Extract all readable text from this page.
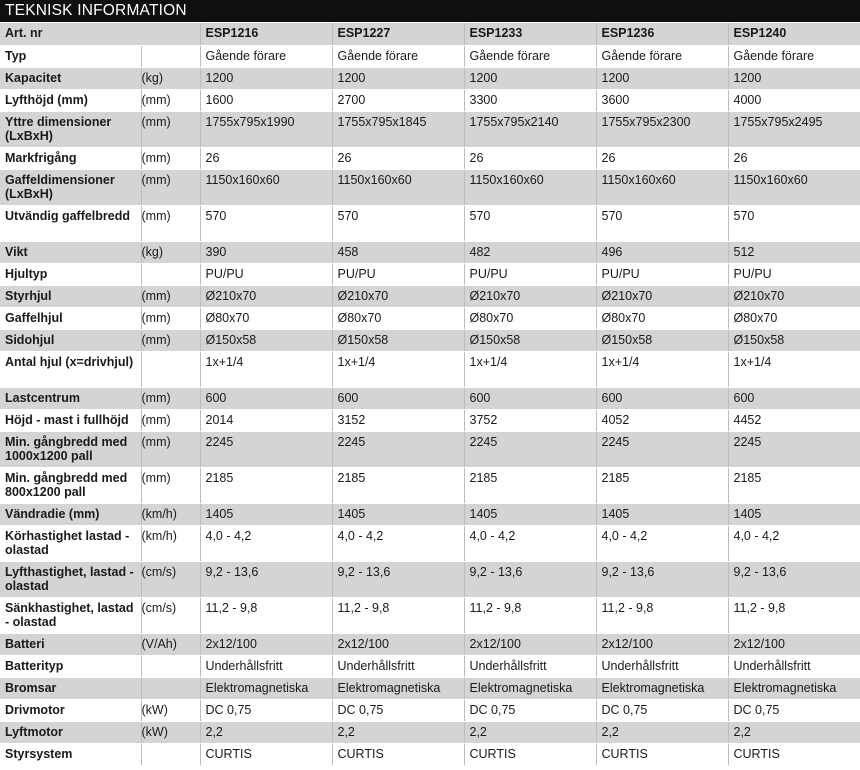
TEKNISK INFORMATION
Art. nr		ESP1216	ESP1227	ESP1233	ESP1236	ESP1240
Typ		Gående förare	Gående förare	Gående förare	Gående förare	Gående förare
Kapacitet	(kg)	1200	1200	1200	1200	1200
Lyfthöjd (mm)	(mm)	1600	2700	3300	3600	4000
Yttre dimensioner (LxBxH)	(mm)	1755x795x1990	1755x795x1845	1755x795x2140	1755x795x2300	1755x795x2495
Markfrigång	(mm)	26	26	26	26	26
Gaffeldimensioner (LxBxH)	(mm)	1150x160x60	1150x160x60	1150x160x60	1150x160x60	1150x160x60
Utvändig gaffelbredd	(mm)	570	570	570	570	570
Vikt	(kg)	390	458	482	496	512
Hjultyp		PU/PU	PU/PU	PU/PU	PU/PU	PU/PU
Styrhjul	(mm)	Ø210x70	Ø210x70	Ø210x70	Ø210x70	Ø210x70
Gaffelhjul	(mm)	Ø80x70	Ø80x70	Ø80x70	Ø80x70	Ø80x70
Sidohjul	(mm)	Ø150x58	Ø150x58	Ø150x58	Ø150x58	Ø150x58
Antal hjul (x=drivhjul)		1x+1/4	1x+1/4	1x+1/4	1x+1/4	1x+1/4
Lastcentrum	(mm)	600	600	600	600	600
Höjd - mast i fullhöjd	(mm)	2014	3152	3752	4052	4452
Min. gångbredd med 1000x1200 pall	(mm)	2245	2245	2245	2245	2245
Min. gångbredd med 800x1200 pall	(mm)	2185	2185	2185	2185	2185
Vändradie (mm)	(km/h)	1405	1405	1405	1405	1405
Körhastighet lastad - olastad	(km/h)	4,0 - 4,2	4,0 - 4,2	4,0 - 4,2	4,0 - 4,2	4,0 - 4,2
Lyfthastighet, lastad - olastad	(cm/s)	9,2 - 13,6	9,2 - 13,6	9,2 - 13,6	9,2 - 13,6	9,2 - 13,6
Sänkhastighet, lastad - olastad	(cm/s)	11,2 - 9,8	11,2 - 9,8	11,2 - 9,8	11,2 - 9,8	11,2 - 9,8
Batteri	(V/Ah)	2x12/100	2x12/100	2x12/100	2x12/100	2x12/100
Batterityp		Underhållsfritt	Underhållsfritt	Underhållsfritt	Underhållsfritt	Underhållsfritt
Bromsar		Elektromagnetiska	Elektromagnetiska	Elektromagnetiska	Elektromagnetiska	Elektromagnetiska
Drivmotor	(kW)	DC 0,75	DC 0,75	DC 0,75	DC 0,75	DC 0,75
Lyftmotor	(kW)	2,2	2,2	2,2	2,2	2,2
Styrsystem		CURTIS	CURTIS	CURTIS	CURTIS	CURTIS
